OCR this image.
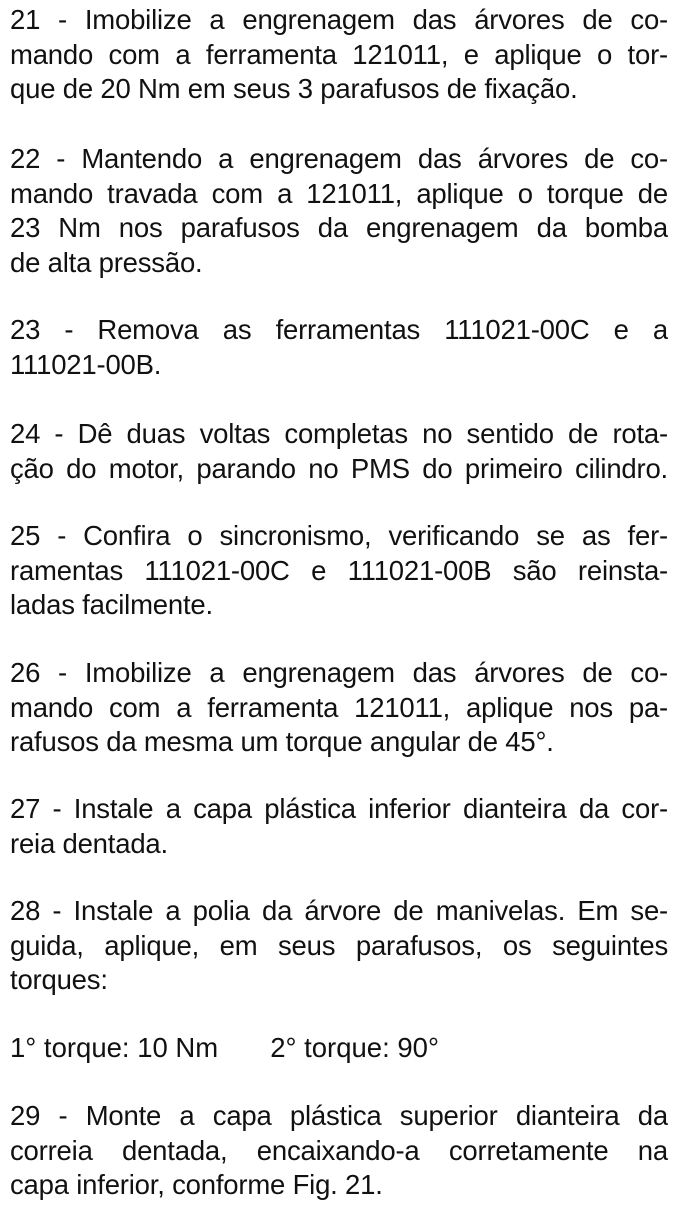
21 - Imobilize a engrenagem das árvores de co-
mando com a ferramenta 121011, e aplique o tor-
que de 20 Nm em seus 3 parafusos de fixação.
22 - Mantendo a engrenagem das árvores de co-
mando travada com a 121011, aplique o torque de
23 Nm nos parafusos da engrenagem da bomba
de alta pressão.
23 - Remova as ferramentas 111021-00C e a
111021-00B.
24 - Dê duas voltas completas no sentido de rota-
ção do motor, parando no PMS do primeiro cilindro.
25 - Confira o sincronismo, verificando se as fer-
ramentas 111021-00C e 111021-00B são reinsta-
ladas facilmente.
26 - Imobilize a engrenagem das árvores de co-
mando com a ferramenta 121011, aplique nos pa-
rafusos da mesma um torque angular de 45°.
27 - Instale a capa plástica inferior dianteira da cor-
reia dentada.
28 - Instale a polia da árvore de manivelas. Em se-
guida, aplique, em seus parafusos, os seguintes
torques:
1° torque: 10 Nm 2° torque: 90°
29 - Monte a capa plástica superior dianteira da
correia dentada, encaixando-a corretamente na
capa inferior, conforme Fig. 21.
